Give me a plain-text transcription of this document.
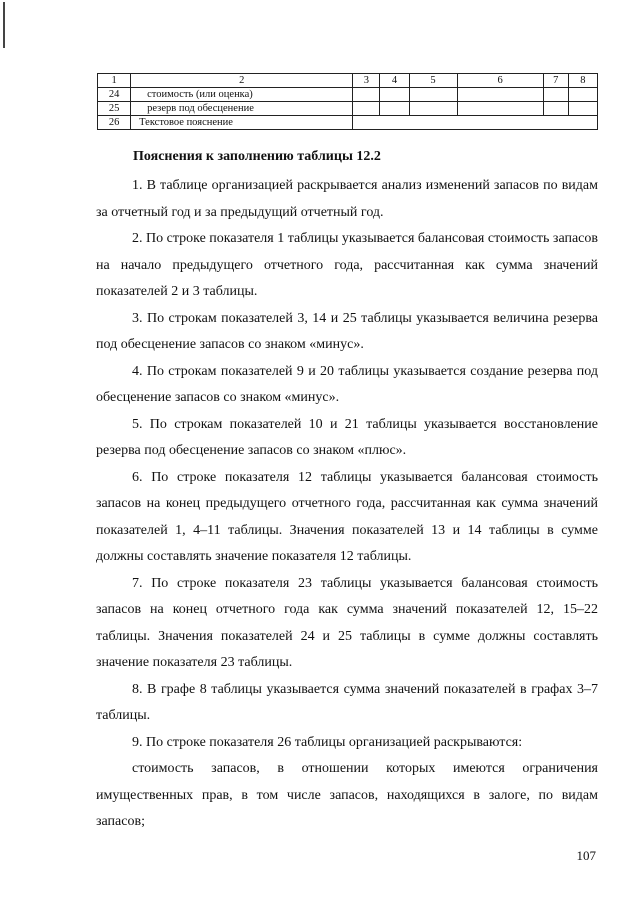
1	2	3	4	5	6	7	8
24	стоимость (или оценка)						
25	резерв под обесценение						
26	Текстовое пояснение						
Пояснения к заполнению таблицы 12.2

1. В таблице организацией раскрывается анализ изменений запасов по видам за отчетный год и за предыдущий отчетный год.

2. По строке показателя 1 таблицы указывается балансовая стоимость запасов на начало предыдущего отчетного года, рассчитанная как сумма значений показателей 2 и 3 таблицы.

3. По строкам показателей 3, 14 и 25 таблицы указывается величина резерва под обесценение запасов со знаком «минус».

4. По строкам показателей 9 и 20 таблицы указывается создание резерва под обесценение запасов со знаком «минус».

5. По строкам показателей 10 и 21 таблицы указывается восстановление резерва под обесценение запасов со знаком «плюс».

6. По строке показателя 12 таблицы указывается балансовая стоимость запасов на конец предыдущего отчетного года, рассчитанная как сумма значений показателей 1, 4–11 таблицы. Значения показателей 13 и 14 таблицы в сумме должны составлять значение показателя 12 таблицы.

7. По строке показателя 23 таблицы указывается балансовая стоимость запасов на конец отчетного года как сумма значений показателей 12, 15–22 таблицы. Значения показателей 24 и 25 таблицы в сумме должны составлять значение показателя 23 таблицы.

8. В графе 8 таблицы указывается сумма значений показателей в графах 3–7 таблицы.

9. По строке показателя 26 таблицы организацией раскрываются:

стоимость запасов, в отношении которых имеются ограничения имущественных прав, в том числе запасов, находящихся в залоге, по видам запасов;

107
